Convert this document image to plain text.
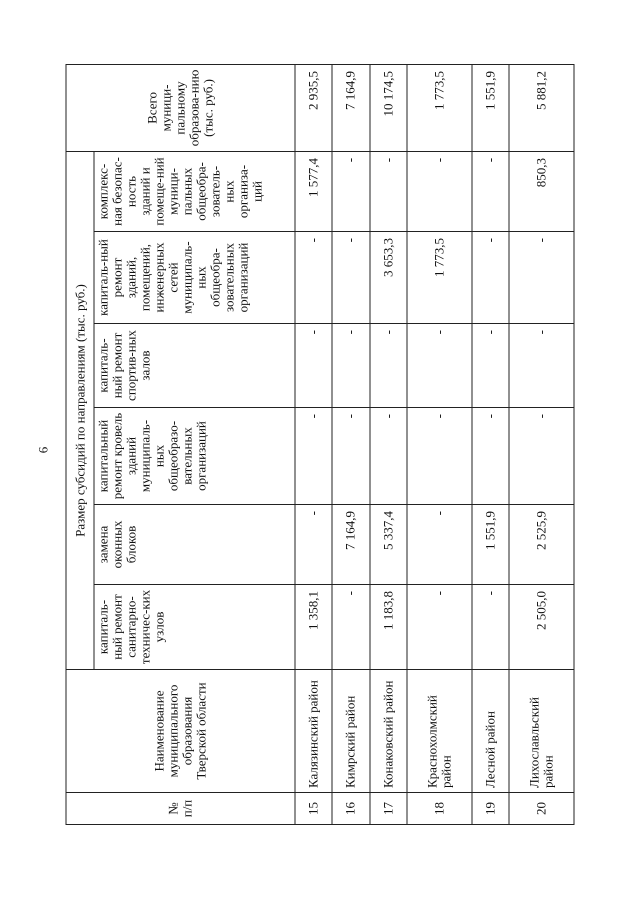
6
№ п/п	Наименование муниципального образования Тверской области	Размер субсидий по направлениям (тыс. руб.)						Всего муници-пальному образова-нию (тыс. руб.)
		капиталь-ный ремонт санитарно-техничес-ких узлов	замена оконных блоков	капитальный ремонт кровель зданий муниципаль-ных общеобразо-вательных организаций	капиталь-ный ремонт спортив-ных залов	капиталь-ный ремонт зданий, помещений, инженерных сетей муниципаль-ных общеобра-зовательных организаций	комплекс-ная безопас-ность зданий и помеще-ний муници-пальных общеобра-зователь-ных организа-ций	
15	Калязинский район	1 358,1	-	-	-	-	1 577,4	2 935,5
16	Кимрский район	-	7 164,9	-	-	-	-	7 164,9
17	Конаковский район	1 183,8	5 337,4	-	-	3 653,3	-	10 174,5
18	Краснохолмский район	-	-	-	-	1 773,5	-	1 773,5
19	Лесной район	-	1 551,9	-	-	-	-	1 551,9
20	Лихославльский район	2 505,0	2 525,9	-	-	-	850,3	5 881,2
